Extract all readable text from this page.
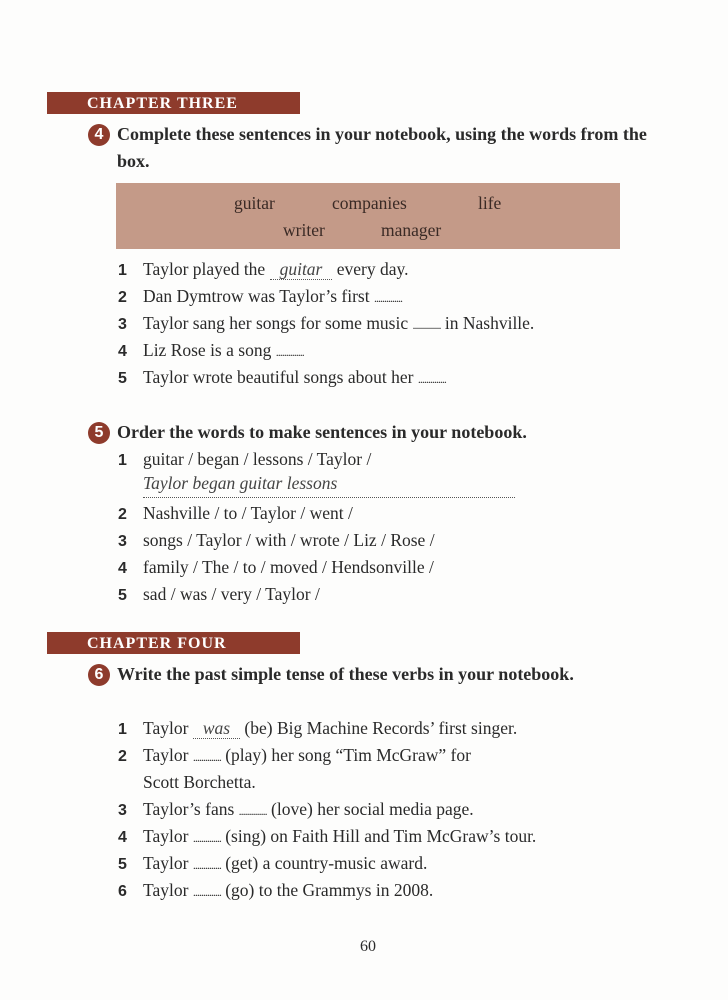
CHAPTER THREE
4 Complete these sentences in your notebook, using the words from the box.
guitar	companies	life
writer	manager
5 Order the words to make sentences in your notebook.
CHAPTER FOUR
6 Write the past simple tense of these verbs in your notebook.
60
1 Taylor played the guitar every day.
2 Dan Dymtrow was Taylor’s first ..............
3 Taylor sang her songs for some music .............. in Nashville.
4 Liz Rose is a song ..............
5 Taylor wrote beautiful songs about her ..............
1 guitar / began / lessons / Taylor /
Taylor began guitar lessons
2 Nashville / to / Taylor / went /
3 songs / Taylor / with / wrote / Liz / Rose /
4 family / The / to / moved / Hendsonville /
5 sad / was / very / Taylor /
1 Taylor was (be) Big Machine Records’ first singer.
2 Taylor .............. (play) her song “Tim McGraw” for
Scott Borchetta.
3 Taylor’s fans .............. (love) her social media page.
4 Taylor .............. (sing) on Faith Hill and Tim McGraw’s tour.
5 Taylor .............. (get) a country-music award.
6 Taylor .............. (go) to the Grammys in 2008.
